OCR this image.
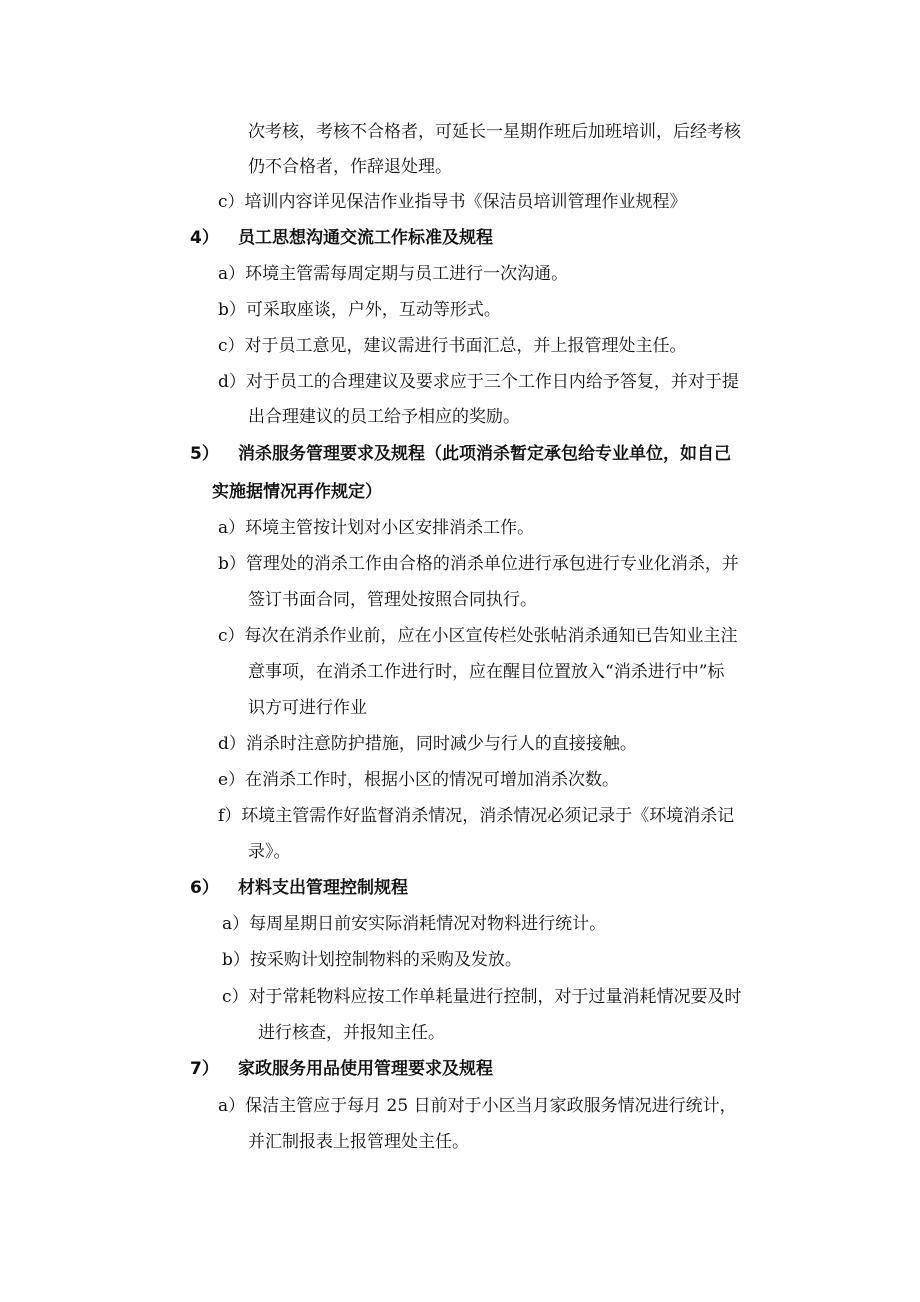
次考核，考核不合格者，可延长一星期作班后加班培训，后经考核
仍不合格者，作辞退处理。
c）培训内容详见保洁作业指导书《保洁员培训管理作业规程》
4）	员工思想沟通交流工作标准及规程
a）环境主管需每周定期与员工进行一次沟通。
b）可采取座谈，户外，互动等形式。
c）对于员工意见，建议需进行书面汇总，并上报管理处主任。
d）对于员工的合理建议及要求应于三个工作日内给予答复，并对于提
出合理建议的员工给予相应的奖励。
5）	消杀服务管理要求及规程（此项消杀暂定承包给专业单位，如自己
实施据情况再作规定）
a）环境主管按计划对小区安排消杀工作。
b）管理处的消杀工作由合格的消杀单位进行承包进行专业化消杀，并
签订书面合同，管理处按照合同执行。
c）每次在消杀作业前，应在小区宣传栏处张帖消杀通知已告知业主注
意事项，在消杀工作进行时，应在醒目位置放入“消杀进行中”标
识方可进行作业
d）消杀时注意防护措施，同时减少与行人的直接接触。
e）在消杀工作时，根据小区的情况可增加消杀次数。
f）环境主管需作好监督消杀情况，消杀情况必须记录于《环境消杀记
录》。
6）	材料支出管理控制规程
a）每周星期日前安实际消耗情况对物料进行统计。
b）按采购计划控制物料的采购及发放。
c）对于常耗物料应按工作单耗量进行控制，对于过量消耗情况要及时
进行核查，并报知主任。
7）	家政服务用品使用管理要求及规程
a）保洁主管应于每月 25 日前对于小区当月家政服务情况进行统计，
并汇制报表上报管理处主任。
